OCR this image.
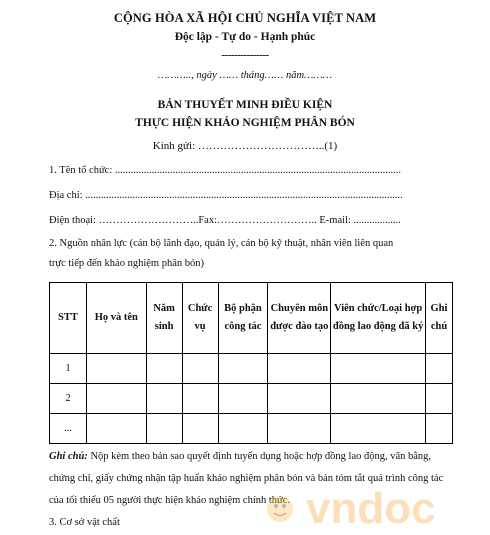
CỘNG HÒA XÃ HỘI CHỦ NGHĨA VIỆT NAM
Độc lập - Tự do - Hạnh phúc
---------------
……….., ngày …… tháng…… năm………
BẢN THUYẾT MINH ĐIỀU KIỆN
THỰC HIỆN KHẢO NGHIỆM PHÂN BÓN
Kính gửi: ……………………………..(1)
1. Tên tổ chức: .............................................................................................................
Địa chỉ: .........................................................................................................................
Điện thoại: ………………………..Fax:……………………….. E-mail: ..................
2. Nguồn nhân lực (cán bộ lãnh đạo, quản lý, cán bộ kỹ thuật, nhân viên liên quan
trực tiếp đến khảo nghiệm phân bón)
STT	Họ và tên	Năm sinh	Chức vụ	Bộ phận công tác	Chuyên môn được đào tạo	Viên chức/Loại hợp đồng lao động đã ký	Ghi chú
1							
2							
...							
Ghi chú: Nộp kèm theo bản sao quyết định tuyển dụng hoặc hợp đồng lao động, văn bằng, chứng chỉ, giấy chứng nhận tập huấn khảo nghiệm phân bón và bản tóm tắt quá trình công tác của tối thiểu 05 người thực hiện khảo nghiệm chính thức.
3. Cơ sở vật chất	vndoc
